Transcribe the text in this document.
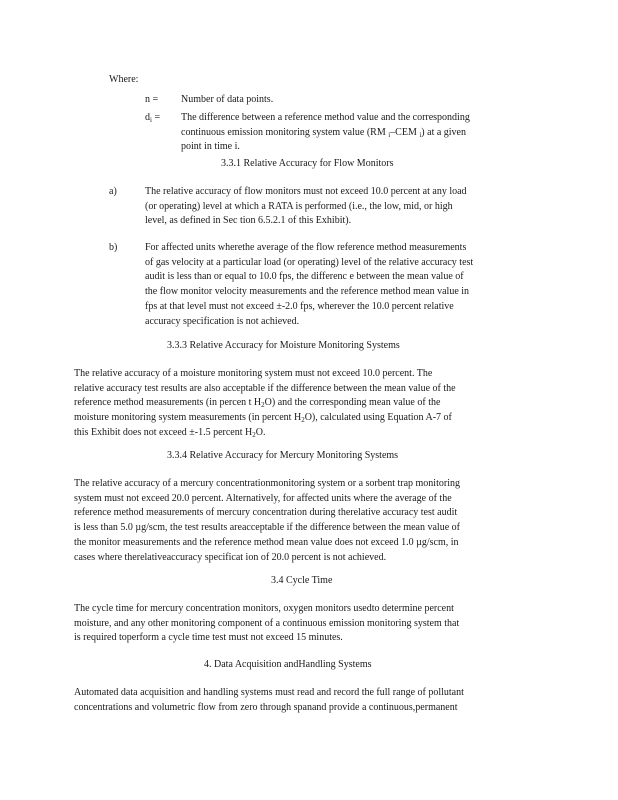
Where:
n = Number of data points.
$d_i$ = The difference between a reference method value and the corresponding
continuous emission monitoring system value (RM $_i$–CEM $_i$) at a given
point in time i.
3.3.1 Relative Accuracy for Flow Monitors
a)	The relative accuracy of flow monitors must not exceed 10.0 percent at any load
(or operating) level at which a RATA is performed (i.e., the low, mid, or high
level, as defined in Sec tion 6.5.2.1 of this Exhibit).
b)	For affected units wherethe average of the flow reference method measurements
of gas velocity at a particular load (or operating) level of the relative accuracy test
audit is less than or equal to 10.0 fps, the differenc e between the mean value of
the flow monitor velocity measurements and the reference method mean value in
fps at that level must not exceed ±-2.0 fps, wherever the 10.0 percent relative
accuracy specification is not achieved.
3.3.3 Relative Accuracy for Moisture Monitoring Systems
The relative accuracy of a moisture monitoring system must not exceed 10.0 percent. The
relative accuracy test results are also acceptable if the difference between the mean value of the
reference method measurements (in percen t $H_2O$) and the corresponding mean value of the
moisture monitoring system measurements (in percent $H_2O$), calculated using Equation A-7 of
this Exhibit does not exceed ±-1.5 percent $H_2O$.
3.3.4 Relative Accuracy for Mercury Monitoring Systems
The relative accuracy of a mercury concentrationmonitoring system or a sorbent trap monitoring
system must not exceed 20.0 percent. Alternatively, for affected units where the average of the
reference method measurements of mercury concentration during therelative accuracy test audit
is less than 5.0 µg/scm, the test results areacceptable if the difference between the mean value of
the monitor measurements and the reference method mean value does not exceed 1.0 µg/scm, in
cases where therelativeaccuracy specificat ion of 20.0 percent is not achieved.
3.4 Cycle Time
The cycle time for mercury concentration monitors, oxygen monitors usedto determine percent
moisture, and any other monitoring component of a continuous emission monitoring system that
is required toperform a cycle time test must not exceed 15 minutes.
4. Data Acquisition andHandling Systems
Automated data acquisition and handling systems must read and record the full range of pollutant
concentrations and volumetric flow from zero through spanand provide a continuous,permanent
